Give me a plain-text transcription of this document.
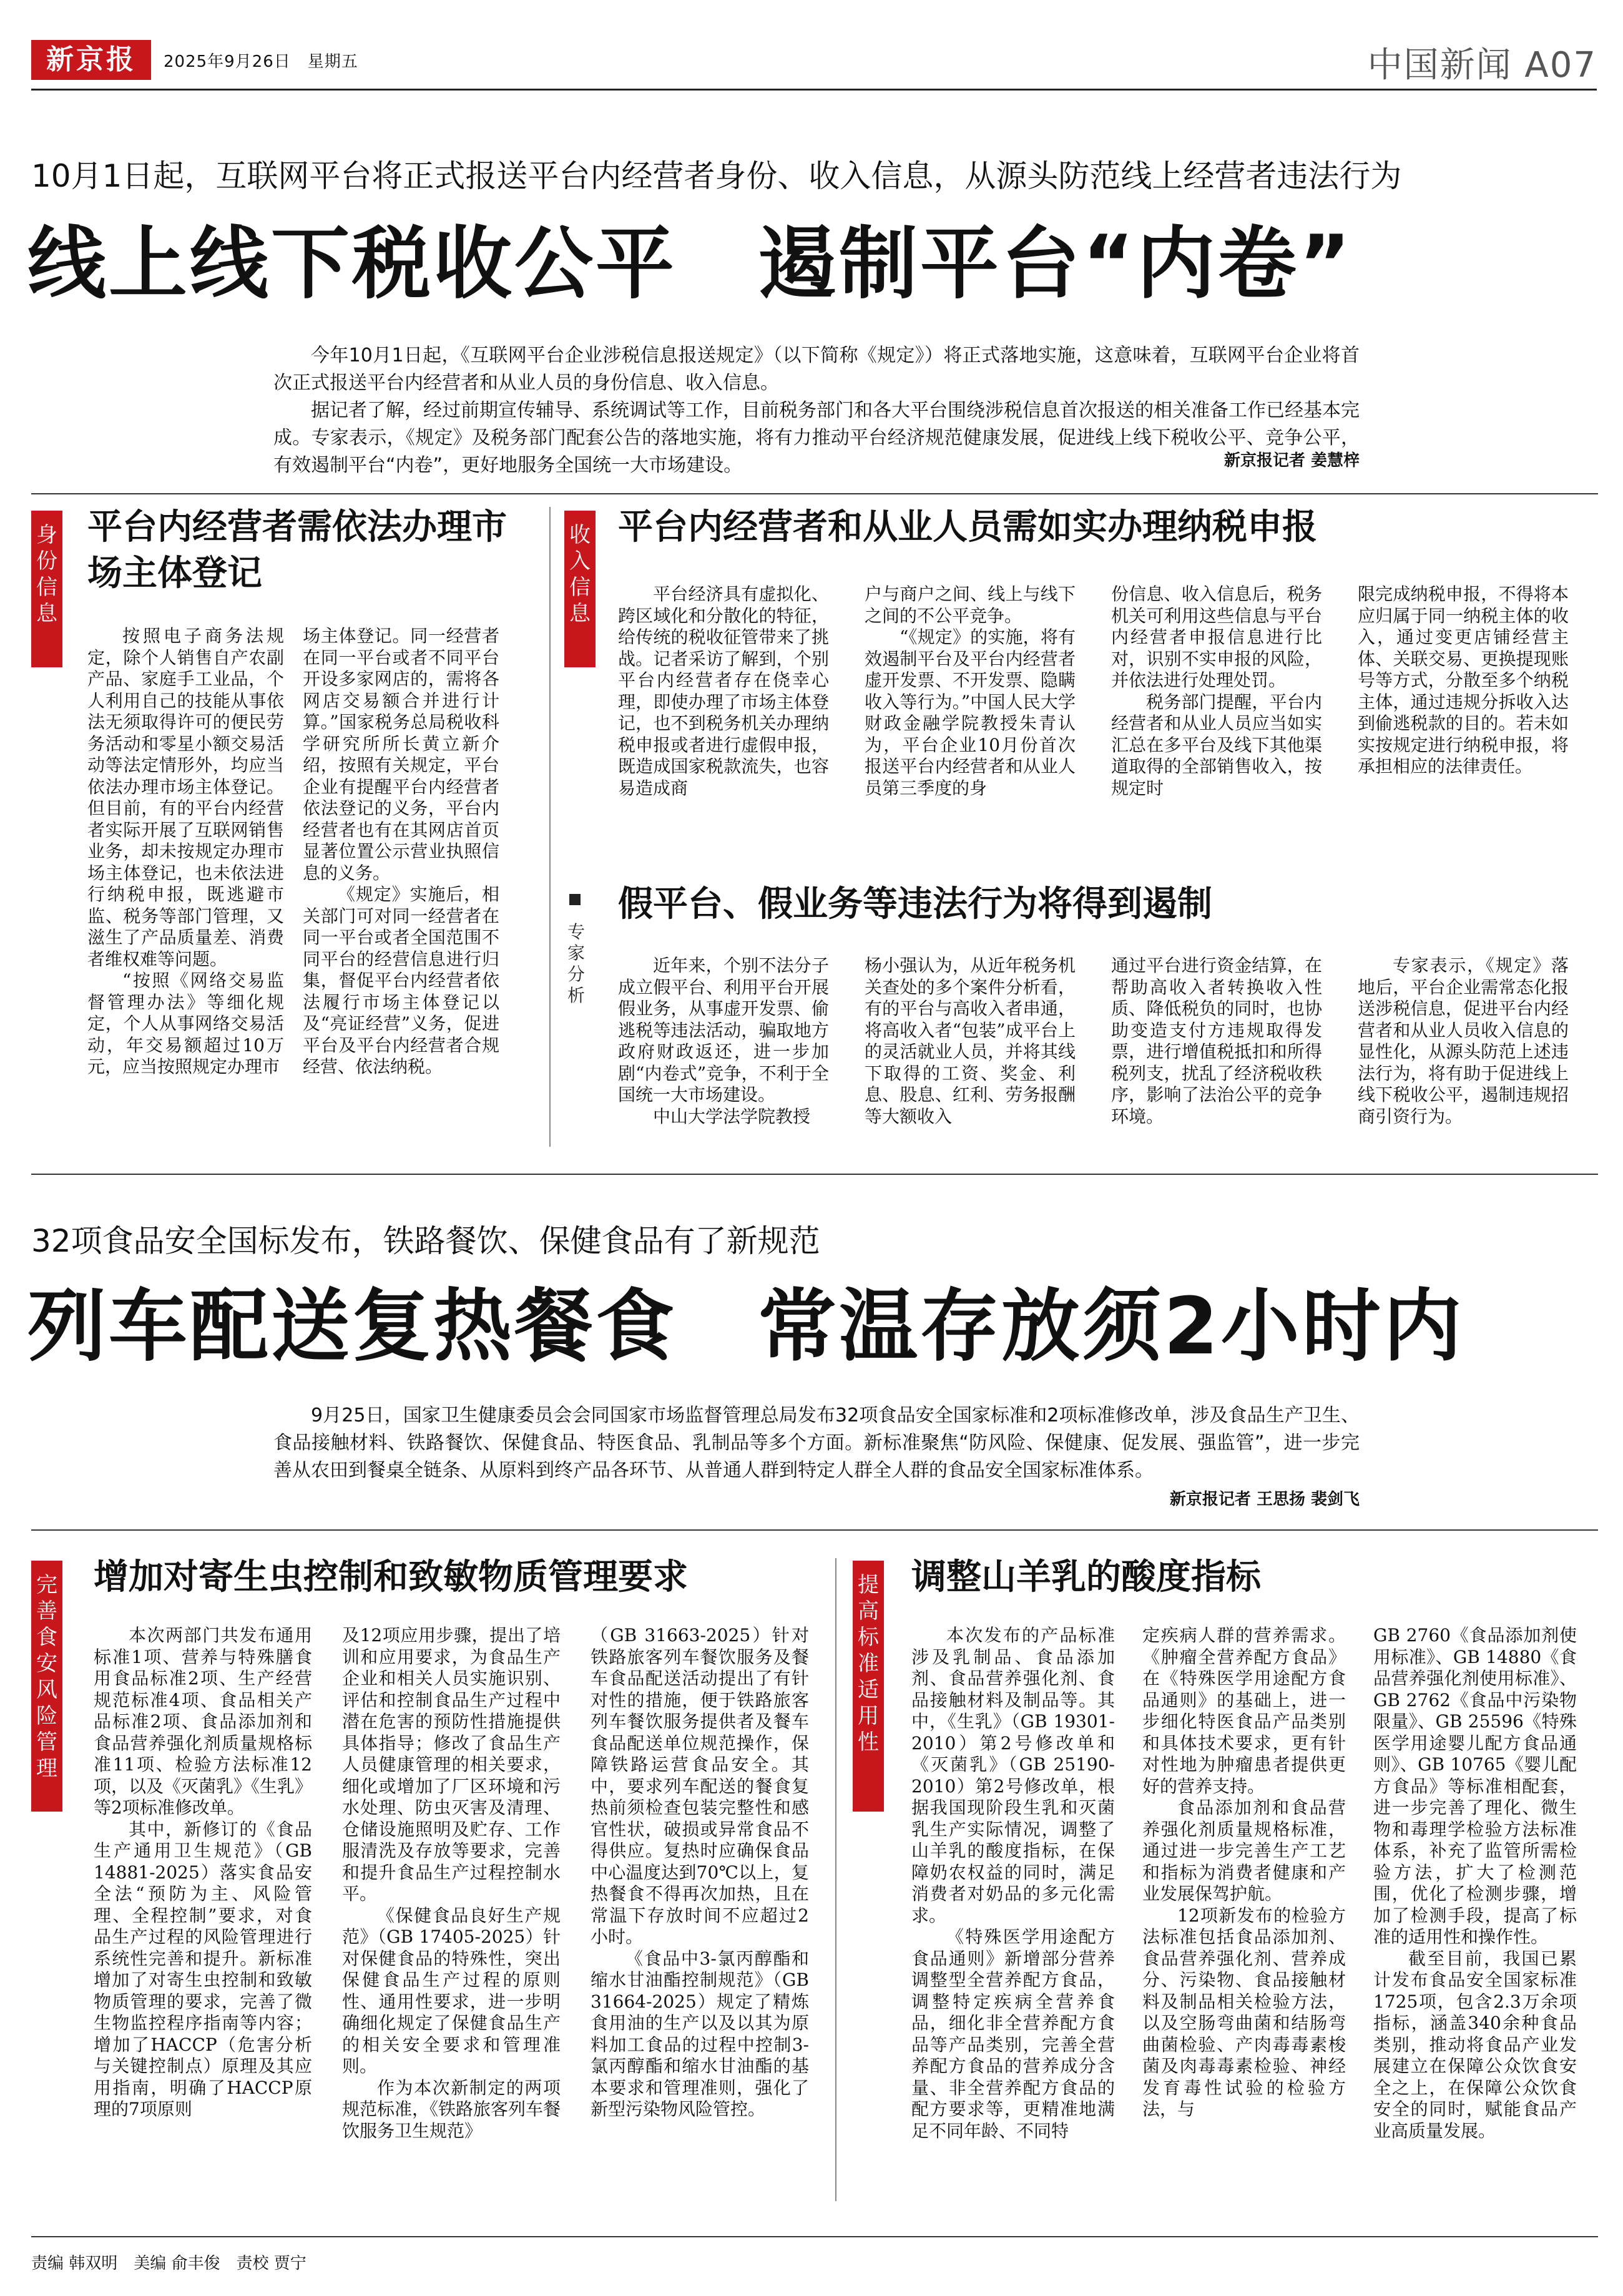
新京报	2025年9月26日　星期五	中国新闻 A07
10月1日起，互联网平台将正式报送平台内经营者身份、收入信息，从源头防范线上经营者违法行为
线上线下税收公平　遏制平台“内卷”

今年10月1日起，《互联网平台企业涉税信息报送规定》（以下简称《规定》）将正式落地实施，这意味着，互联网平台企业将首次正式报送平台内经营者和从业人员的身份信息、收入信息。

据记者了解，经过前期宣传辅导、系统调试等工作，目前税务部门和各大平台围绕涉税信息首次报送的相关准备工作已经基本完成。专家表示，《规定》及税务部门配套公告的落地实施，将有力推动平台经济规范健康发展，促进线上线下税收公平、竞争公平，有效遏制平台“内卷”，更好地服务全国统一大市场建设。	新京报记者 姜慧梓
身份信息
平台内经营者需依法办理市场主体登记

按照电子商务法规定，除个人销售自产农副产品、家庭手工业品，个人利用自己的技能从事依法无须取得许可的便民劳务活动和零星小额交易活动等法定情形外，均应当依法办理市场主体登记。但目前，有的平台内经营者实际开展了互联网销售业务，却未按规定办理市场主体登记，也未依法进行纳税申报，既逃避市监、税务等部门管理，又滋生了产品质量差、消费者维权难等问题。

“按照《网络交易监督管理办法》等细化规定，个人从事网络交易活动，年交易额超过10万元，应当按照规定办理市

场主体登记。同一经营者在同一平台或者不同平台开设多家网店的，需将各网店交易额合并进行计算。”国家税务总局税收科学研究所所长黄立新介绍，按照有关规定，平台企业有提醒平台内经营者依法登记的义务，平台内经营者也有在其网店首页显著位置公示营业执照信息的义务。

《规定》实施后，相关部门可对同一经营者在同一平台或者全国范围不同平台的经营信息进行归集，督促平台内经营者依法履行市场主体登记以及“亮证经营”义务，促进平台及平台内经营者合规经营、依法纳税。

收入信息
平台内经营者和从业人员需如实办理纳税申报

平台经济具有虚拟化、跨区域化和分散化的特征，给传统的税收征管带来了挑战。记者采访了解到，个别平台内经营者存在侥幸心理，即使办理了市场主体登记，也不到税务机关办理纳税申报或者进行虚假申报，既造成国家税款流失，也容易造成商

户与商户之间、线上与线下之间的不公平竞争。

“《规定》的实施，将有效遏制平台及平台内经营者虚开发票、不开发票、隐瞒收入等行为。”中国人民大学财政金融学院教授朱青认为，平台企业10月份首次报送平台内经营者和从业人员第三季度的身

份信息、收入信息后，税务机关可利用这些信息与平台内经营者申报信息进行比对，识别不实申报的风险，并依法进行处理处罚。

税务部门提醒，平台内经营者和从业人员应当如实汇总在多平台及线下其他渠道取得的全部销售收入，按规定时

限完成纳税申报，不得将本应归属于同一纳税主体的收入，通过变更店铺经营主体、关联交易、更换提现账号等方式，分散至多个纳税主体，通过违规分拆收入达到偷逃税款的目的。若未如实按规定进行纳税申报，将承担相应的法律责任。

专家分析
假平台、假业务等违法行为将得到遏制

近年来，个别不法分子成立假平台、利用平台开展假业务，从事虚开发票、偷逃税等违法活动，骗取地方政府财政返还，进一步加剧“内卷式”竞争，不利于全国统一大市场建设。

中山大学法学院教授

杨小强认为，从近年税务机关查处的多个案件分析看，有的平台与高收入者串通，将高收入者“包装”成平台上的灵活就业人员，并将其线下取得的工资、奖金、利息、股息、红利、劳务报酬等大额收入

通过平台进行资金结算，在帮助高收入者转换收入性质、降低税负的同时，也协助变造支付方违规取得发票，进行增值税抵扣和所得税列支，扰乱了经济税收秩序，影响了法治公平的竞争环境。

专家表示，《规定》落地后，平台企业需常态化报送涉税信息，促进平台内经营者和从业人员收入信息的显性化，从源头防范上述违法行为，将有助于促进线上线下税收公平，遏制违规招商引资行为。

32项食品安全国标发布，铁路餐饮、保健食品有了新规范
列车配送复热餐食　常温存放须2小时内

9月25日，国家卫生健康委员会会同国家市场监督管理总局发布32项食品安全国家标准和2项标准修改单，涉及食品生产卫生、食品接触材料、铁路餐饮、保健食品、特医食品、乳制品等多个方面。新标准聚焦“防风险、保健康、促发展、强监管”，进一步完善从农田到餐桌全链条、从原料到终产品各环节、从普通人群到特定人群全人群的食品安全国家标准体系。

新京报记者 王思扬 裴剑飞
完善食安风险管理
增加对寄生虫控制和致敏物质管理要求

本次两部门共发布通用标准1项、营养与特殊膳食用食品标准2项、生产经营规范标准4项、食品相关产品标准2项、食品添加剂和食品营养强化剂质量规格标准11项、检验方法标准12项，以及《灭菌乳》《生乳》等2项标准修改单。

其中，新修订的《食品生产通用卫生规范》（GB 14881-2025）落实食品安全法“预防为主、风险管理、全程控制”要求，对食品生产过程的风险管理进行系统性完善和提升。新标准增加了对寄生虫控制和致敏物质管理的要求，完善了微生物监控程序指南等内容；增加了HACCP（危害分析与关键控制点）原理及其应用指南，明确了HACCP原理的7项原则

及12项应用步骤，提出了培训和应用要求，为食品生产企业和相关人员实施识别、评估和控制食品生产过程中潜在危害的预防性措施提供具体指导；修改了食品生产人员健康管理的相关要求，细化或增加了厂区环境和污水处理、防虫灭害及清理、仓储设施照明及贮存、工作服清洗及存放等要求，完善和提升食品生产过程控制水平。

《保健食品良好生产规范》（GB 17405-2025）针对保健食品的特殊性，突出保健食品生产过程的原则性、通用性要求，进一步明确细化规定了保健食品生产的相关安全要求和管理准则。

作为本次新制定的两项规范标准，《铁路旅客列车餐饮服务卫生规范》

（GB 31663-2025）针对铁路旅客列车餐饮服务及餐车食品配送活动提出了有针对性的措施，便于铁路旅客列车餐饮服务提供者及餐车食品配送单位规范操作，保障铁路运营食品安全。其中，要求列车配送的餐食复热前须检查包装完整性和感官性状，破损或异常食品不得供应。复热时应确保食品中心温度达到70℃以上，复热餐食不得再次加热，且在常温下存放时间不应超过2小时。

《食品中3-氯丙醇酯和缩水甘油酯控制规范》（GB 31664-2025）规定了精炼食用油的生产以及以其为原料加工食品的过程中控制3-氯丙醇酯和缩水甘油酯的基本要求和管理准则，强化了新型污染物风险管控。

提高标准适用性
调整山羊乳的酸度指标

本次发布的产品标准涉及乳制品、食品添加剂、食品营养强化剂、食品接触材料及制品等。其中，《生乳》（GB 19301-2010）第2号修改单和《灭菌乳》（GB 25190-2010）第2号修改单，根据我国现阶段生乳和灭菌乳生产实际情况，调整了山羊乳的酸度指标，在保障奶农权益的同时，满足消费者对奶品的多元化需求。

《特殊医学用途配方食品通则》新增部分营养调整型全营养配方食品，调整特定疾病全营养食品，细化非全营养配方食品等产品类别，完善全营养配方食品的营养成分含量、非全营养配方食品的配方要求等，更精准地满足不同年龄、不同特

定疾病人群的营养需求。《肿瘤全营养配方食品》在《特殊医学用途配方食品通则》的基础上，进一步细化特医食品产品类别和具体技术要求，更有针对性地为肿瘤患者提供更好的营养支持。

食品添加剂和食品营养强化剂质量规格标准，通过进一步完善生产工艺和指标为消费者健康和产业发展保驾护航。

12项新发布的检验方法标准包括食品添加剂、食品营养强化剂、营养成分、污染物、食品接触材料及制品相关检验方法，以及空肠弯曲菌和结肠弯曲菌检验、产肉毒毒素梭菌及肉毒毒素检验、神经发育毒性试验的检验方法，与

GB 2760《食品添加剂使用标准》、GB 14880《食品营养强化剂使用标准》、GB 2762《食品中污染物限量》、GB 25596《特殊医学用途婴儿配方食品通则》、GB 10765《婴儿配方食品》等标准相配套，进一步完善了理化、微生物和毒理学检验方法标准体系，补充了监管所需检验方法，扩大了检测范围，优化了检测步骤，增加了检测手段，提高了标准的适用性和操作性。

截至目前，我国已累计发布食品安全国家标准1725项，包含2.3万余项指标，涵盖340余种食品类别，推动将食品产业发展建立在保障公众饮食安全之上，在保障公众饮食安全的同时，赋能食品产业高质量发展。

责编 韩双明　美编 俞丰俊　责校 贾宁
